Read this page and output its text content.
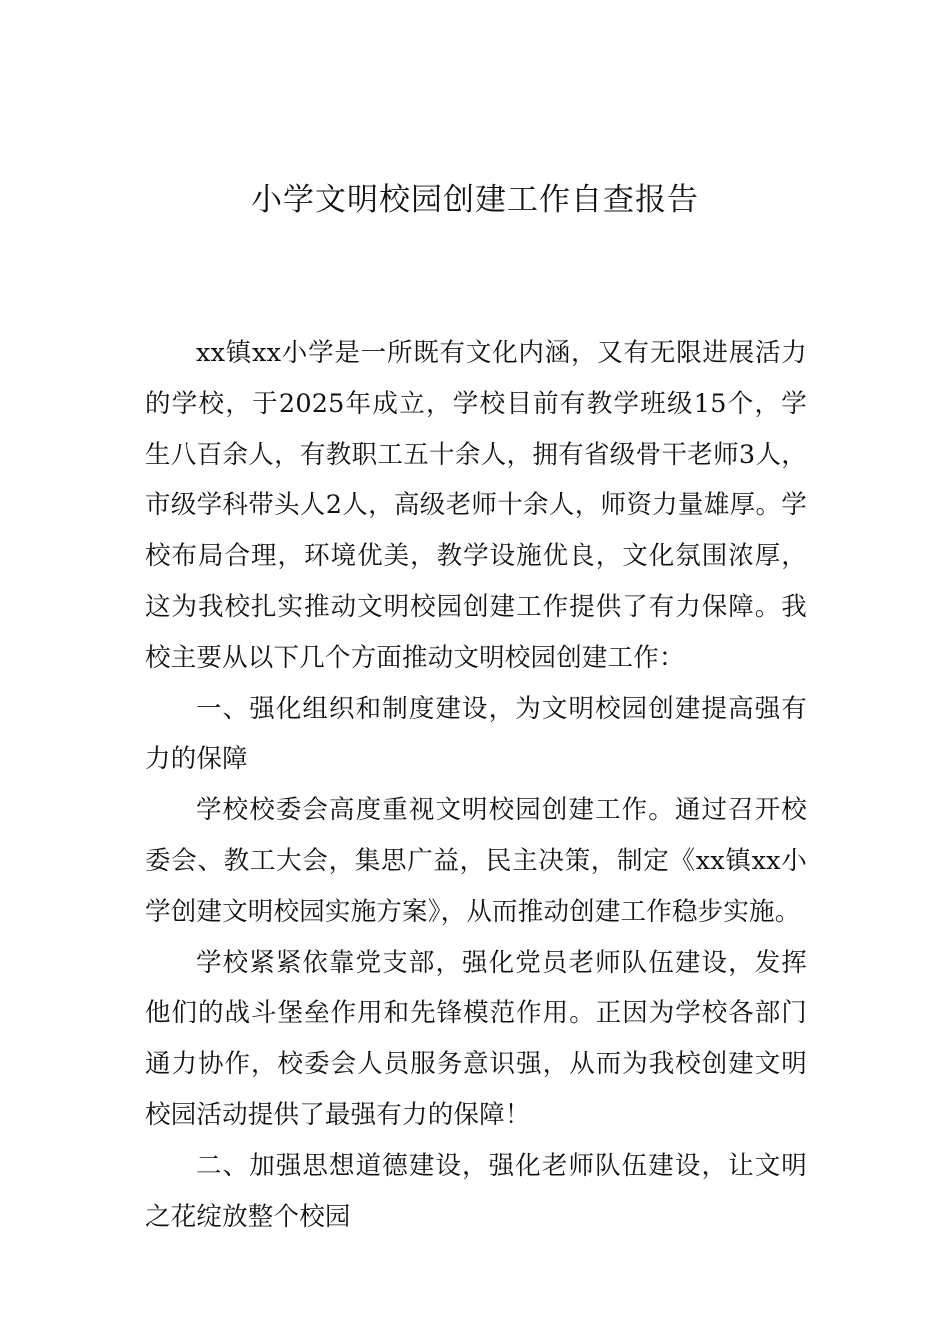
小学文明校园创建工作自查报告

xx镇xx小学是一所既有文化内涵，又有无限进展活力的学校，于2025年成立，学校目前有教学班级15个，学生八百余人，有教职工五十余人，拥有省级骨干老师3人，市级学科带头人2人，高级老师十余人，师资力量雄厚。学校布局合理，环境优美，教学设施优良，文化氛围浓厚，这为我校扎实推动文明校园创建工作提供了有力保障。我校主要从以下几个方面推动文明校园创建工作：

一、强化组织和制度建设，为文明校园创建提高强有力的保障

学校校委会高度重视文明校园创建工作。通过召开校委会、教工大会，集思广益，民主决策，制定《xx镇xx小学创建文明校园实施方案》，从而推动创建工作稳步实施。

学校紧紧依靠党支部，强化党员老师队伍建设，发挥他们的战斗堡垒作用和先锋模范作用。正因为学校各部门通力协作，校委会人员服务意识强，从而为我校创建文明校园活动提供了最强有力的保障！

二、加强思想道德建设，强化老师队伍建设，让文明之花绽放整个校园
